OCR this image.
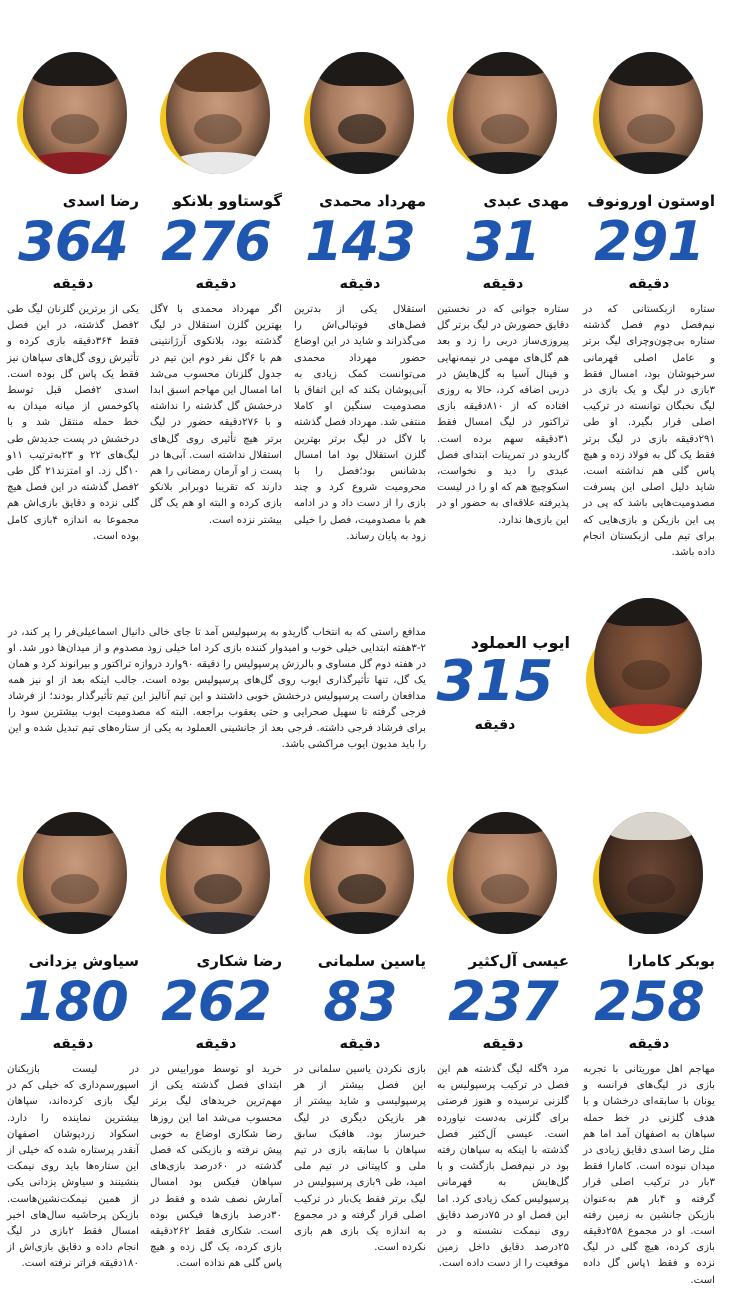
اوستون اورونوف
291
دقیقه
ستاره ازبکستانی که در نیم‌فصل دوم فصل گذشته ستاره بی‌چون‌وچرای لیگ برتر و عامل اصلی قهرمانی سرخپوشان بود، امسال فقط ۳بازی در لیگ و یک بازی در لیگ نخبگان توانسته در ترکیب اصلی قرار بگیرد. او طی ۲۹۱دقیقه بازی در لیگ برتر فقط یک گل به فولاد زده و هیچ پاس گلی هم نداشته است. شاید دلیل اصلی این پسرفت مصدومیت‌هایی باشد که پی در پی این بازیکن و بازی‌هایی که برای تیم ملی ازبکستان انجام داده باشد.
مهدی عبدی
31
دقیقه
ستاره جوانی که در نخستین دقایق حضورش در لیگ برتر گل پیروزی‌ساز دربی را زد و بعد هم گل‌های مهمی در نیمه‌نهایی و فینال آسیا به گل‌هایش در دربی اضافه کرد، حالا به روزی افتاده که از ۸۱۰دقیقه بازی تراکتور در لیگ امسال فقط ۳۱دقیقه سهم برده است. گاریدو در تمرینات ابتدای فصل عبدی را دید و نخواست، اسکوچیچ هم که او را در لیست پذیرفته علاقه‌ای به حضور او در این بازی‌ها ندارد.
مهرداد محمدی
143
دقیقه
استقلال یکی از بدترین فصل‌های فوتبالی‌اش را می‌گذراند و شاید در این اوضاع حضور مهرداد محمدی می‌توانست کمک زیادی به آبی‌پوشان بکند که این اتفاق با مصدومیت سنگین او کاملا منتفی شد. مهرداد فصل گذشته با ۷گل در لیگ برتر بهترین گلزن استقلال بود اما امسال بدشانس بود؛فصل را با محرومیت شروع کرد و چند بازی را از دست داد و در ادامه هم با مصدومیت، فصل را خیلی زود به پایان رساند.
گوستاوو بلانکو
276
دقیقه
اگر مهرداد محمدی با ۷گل بهترین گلزن استقلال در لیگ گذشته بود، بلانکوی آرژانتینی هم با ۶گل نفر دوم این تیم در جدول گلزنان محسوب می‌شد اما امسال این مهاجم اسبق ابدا درخشش گل گذشته را نداشته و با ۲۷۶دقیقه حضور در لیگ برتر هیچ تأثیری روی گل‌های استقلال نداشته است. آبی‌ها در پست ز او آرمان رمضانی را هم دارند که تقریبا دوبرابر بلانکو بازی کرده و البته او هم یک گل بیشتر نزده است.
رضا اسدی
364
دقیقه
یکی از برترین گلزنان لیگ طی ۲فصل گذشته، در این فصل فقط ۳۶۴دقیقه بازی کرده و تأثیرش روی گل‌های سپاهان نیز فقط یک پاس گل بوده است. اسدی ۲فصل قبل توسط پاکوخمس از میانه میدان به خط حمله منتقل شد و با درخشش در پست جدیدش طی لیگ‌های ۲۲ و ۲۳به‌ترتیب ۱۱و ۱۰گل زد. او امتزند۲۱ گل طی ۲فصل گذشته در این فصل هیچ گلی نزده و دقایق بازی‌اش هم مجموعا به اندازه ۴بازی کامل بوده است.
ایوب العملود
315
دقیقه
مدافع راستی که به انتخاب گاریدو به پرسپولیس آمد تا جای خالی دانیال اسماعیلی‌فر را پر کند، در ۲-۳هفته ابتدایی خیلی خوب و امیدوار کننده بازی کرد اما خیلی زود مصدوم و از میدان‌ها دور شد. او در هفته دوم گل مساوی و بالرزش پرسپولیس را دقیقه ۹۰وارد دروازه تراکتور و بیرانوند کرد و همان یک گل، تنها تأثیرگذاری ایوب روی گل‌های پرسپولیس بوده است. جالب اینکه بعد از او نیز همه مدافعان راست پرسپولیس درخشش خوبی داشتند و این تیم آنالیز این تیم تأثیرگذار بودند؛ از فرشاد فرجی گرفته تا سهیل صحرایی و حتی یعقوب براجعه. البته که مصدومیت ایوب بیشترین سود را برای فرشاد فرجی داشته. فرجی بعد از جانشینی العملود به یکی از ستاره‌های تیم تبدیل شده و این را باید مدیون ایوب مراکشی باشد.
بوبکر کامارا
258
دقیقه
مهاجم اهل موریتانی با تجربه بازی در لیگ‌های فرانسه و یونان با سابقه‌ای درخشان و با هدف گلزنی در خط حمله سپاهان به اصفهان آمد اما هم مثل رضا اسدی دقایق زیادی در میدان نبوده است. کامارا فقط ۳بار در ترکیب اصلی قرار گرفته و ۴بار هم به‌عنوان بازیکن جانشین به زمین رفته است. او در مجموع ۲۵۸دقیقه بازی کرده، هیچ گلی در لیگ نزده و فقط ۱پاس گل داده است.
عیسی آل‌کثیر
237
دقیقه
مرد ۹گله لیگ گذشته هم این فصل در ترکیب پرسپولیس به گلزنی نرسیده و هنوز فرصتی برای گلزنی به‌دست نیاورده است. عیسی آل‌کثیر فصل گذشته با اینکه به سپاهان رفته بود در نیم‌فصل بازگشت و با گل‌هایش به قهرمانی پرسپولیس کمک زیادی کرد. اما این فصل او در ۷۵درصد دقایق روی نیمکت نشسته و در ۲۵درصد دقایق داخل زمین موقعیت را از دست داده است.
یاسین سلمانی
83
دقیقه
بازی نکردن یاسین سلمانی در این فصل بیشتر از هر پرسپولیسی و شاید بیشتر از هر بازیکن دیگری در لیگ خبرساز بود. هافبک سابق سپاهان با سابقه بازی در تیم ملی و کاپیتانی در تیم ملی امید، طی ۹بازی پرسپولیس در لیگ برتر فقط یک‌بار در ترکیب اصلی قرار گرفته و در مجموع به اندازه یک بازی هم بازی نکرده است.
رضا شکاری
262
دقیقه
خرید او توسط موراییس در ابتدای فصل گذشته یکی از مهم‌ترین خریدهای لیگ برتر محسوب می‌شد اما این روزها رضا شکاری اوضاع به خوبی پیش نرفته و بازیکنی که فصل گذشته در ۶۰درصد بازی‌های سپاهان فیکس بود امسال آمارش نصف شده و فقط در ۳۰درصد بازی‌ها فیکس بوده است. شکاری فقط ۲۶۲دقیقه بازی کرده، یک گل زده و هیچ پاس گلی هم نداده است.
سیاوش یزدانی
180
دقیقه
در لیست بازیکنان اسپورسم‌داری که خیلی کم در لیگ بازی کرده‌اند، سپاهان بیشترین نماینده را دارد. اسکواد زردپوشان اصفهان آنقدر پرستاره شده که خیلی از این ستاره‌ها باید روی نیمکت بنشینند و سیاوش یزدانی یکی از همین نیمکت‌نشین‌هاست. بازیکن پرحاشیه سال‌های اخیر امسال فقط ۲بازی در لیگ انجام داده و دقایق بازی‌اش از ۱۸۰دقیقه فراتر نرفته است.
